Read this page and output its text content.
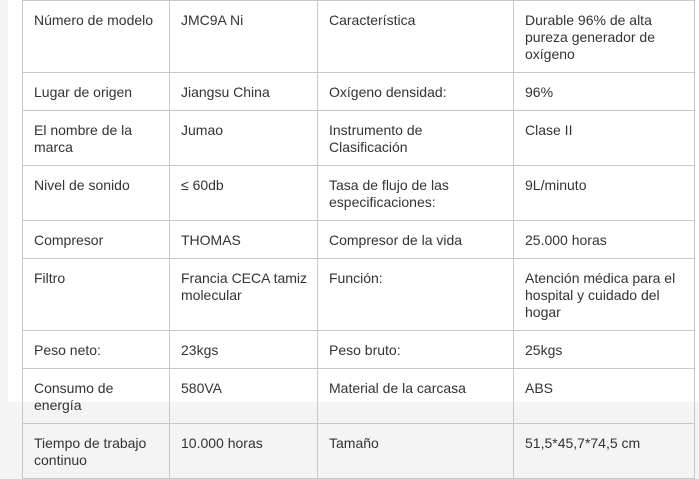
Número de modelo	JMC9A Ni	Característica	Durable 96% de alta pureza generador de oxígeno
Lugar de origen	Jiangsu China	Oxígeno densidad:	96%
El nombre de la marca	Jumao	Instrumento de Clasificación	Clase II
Nivel de sonido	≤ 60db	Tasa de flujo de las especificaciones:	9L/minuto
Compresor	THOMAS	Compresor de la vida	25.000 horas
Filtro	Francia CECA tamiz molecular	Función:	Atención médica para el hospital y cuidado del hogar
Peso neto:	23kgs	Peso bruto:	25kgs
Consumo de energía	580VA	Material de la carcasa	ABS
Tiempo de trabajo continuo	10.000 horas	Tamaño	51,5*45,7*74,5 cm
